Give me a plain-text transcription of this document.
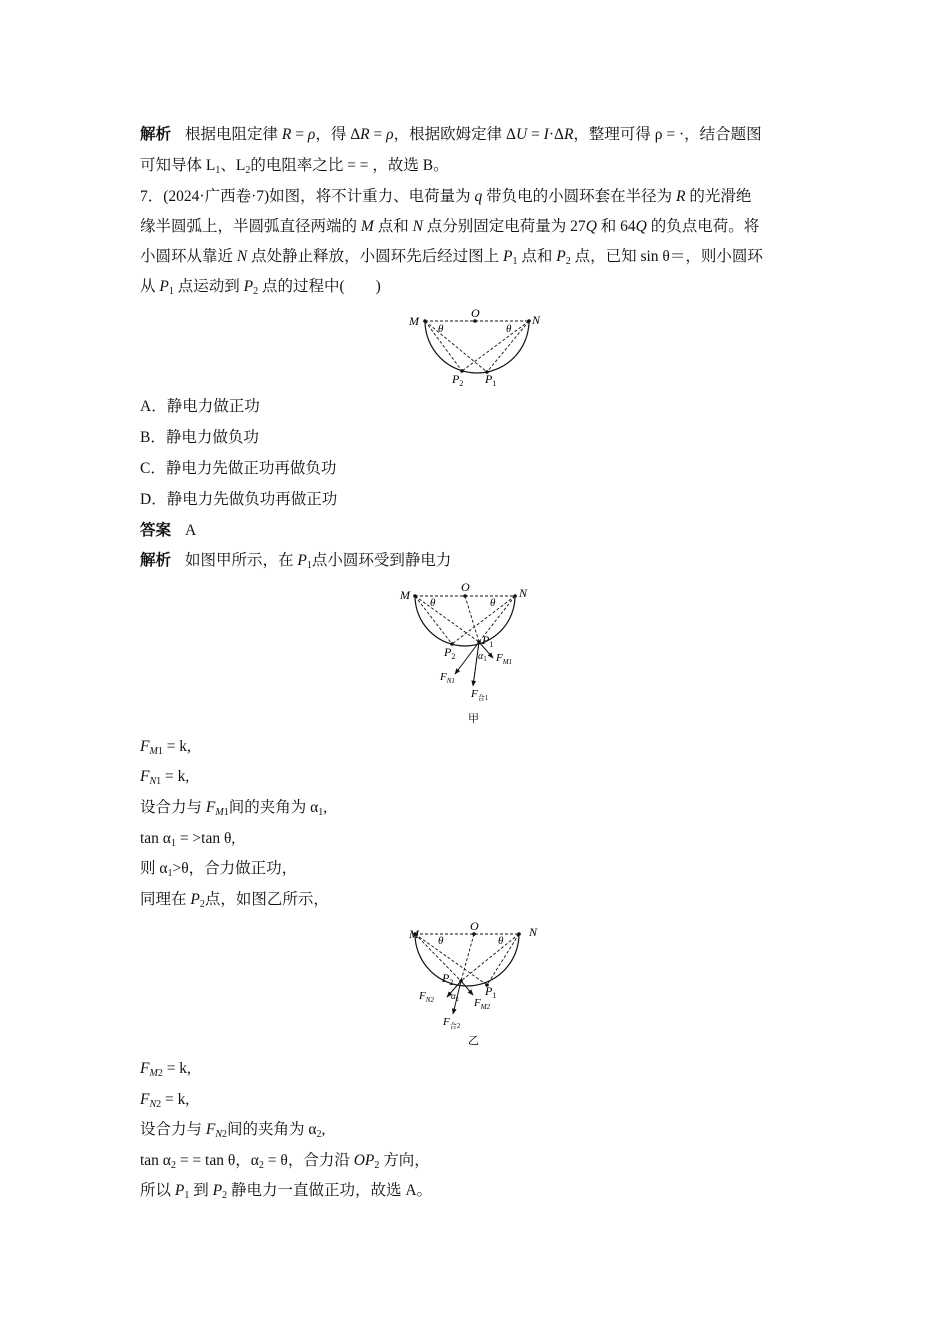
解析 根据电阻定律 R = ρ，得 ΔR = ρ，根据欧姆定律 ΔU = I·ΔR，整理可得 ρ = ·，结合题图
可知导体 $L_1$、$L_2$的电阻率之比 = = ，故选 B。
7．(2024·广西卷·7)如图，将不计重力、电荷量为 q 带负电的小圆环套在半径为 R 的光滑绝
缘半圆弧上，半圆弧直径两端的 M 点和 N 点分别固定电荷量为 27Q 和 64Q 的负点电荷。将
小圆环从靠近 N 点处静止释放，小圆环先后经过图上 $P_1$ 点和 $P_2$ 点，已知 sin θ＝，则小圆环
从 $P_1$ 点运动到 $P_2$ 点的过程中(　　)
M	N
O
θ	θ
$P_2$ $P_1$
A．静电力做正功
B．静电力做负功
C．静电力先做正功再做负功
D．静电力先做负功再做正功
答案 A
解析 如图甲所示，在 $P_1$点小圆环受到静电力
M	N
O
θ	θ
$P_2$
$P_1$
$\alpha_1$ $F_{M1}$
$F_{N1}$
$F_{合1}$
甲
$F_{M1} = k$,
$F_{N1} = k$,
设合力与 $F_{M1}$间的夹角为 $\alpha_1$,
$\tan \alpha_1 = >\tan$ θ,
则 $\alpha_1>\theta$，合力做正功，
同理在 $P_2$点，如图乙所示，
M	N
O
θ	θ
$P_2$
$P_1$
$\alpha_2$
$F_{N2}$	$F_{M2}$
$F_{合2}$
乙
$F_{M2} = k$,
$F_{N2} = k$,
设合力与 $F_{N2}$间的夹角为 $\alpha_2$,
$\tan \alpha_2$ = = tan θ，$\alpha_2 = \theta$，合力沿 $OP_2$ 方向，
所以 $P_1$ 到 $P_2$ 静电力一直做正功，故选 A。
